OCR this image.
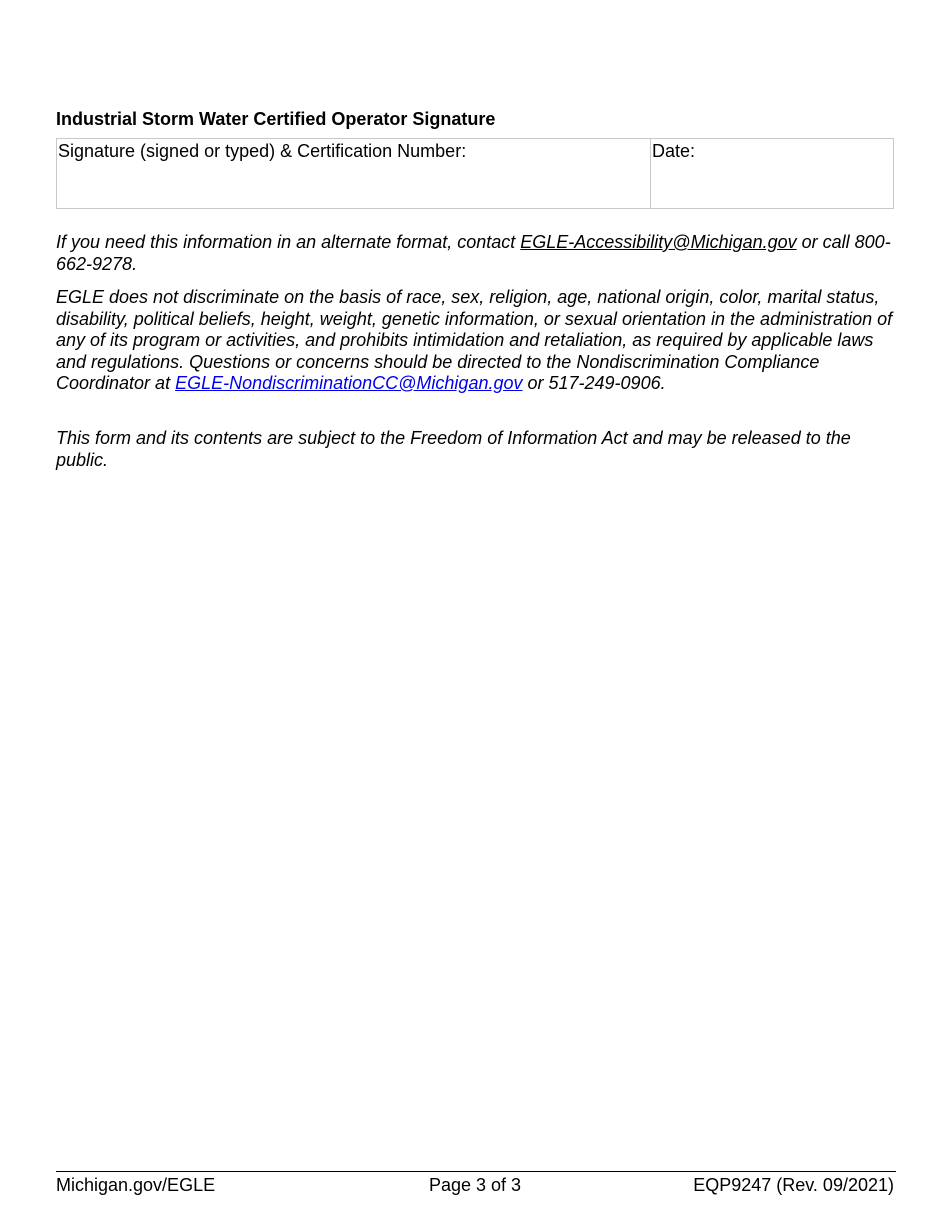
Industrial Storm Water Certified Operator Signature
Signature (signed or typed) & Certification Number:	Date:

If you need this information in an alternate format, contact EGLE-Accessibility@Michigan.gov or call 800-662-9278.

EGLE does not discriminate on the basis of race, sex, religion, age, national origin, color, marital status, disability, political beliefs, height, weight, genetic information, or sexual orientation in the administration of any of its program or activities, and prohibits intimidation and retaliation, as required by applicable laws and regulations. Questions or concerns should be directed to the Nondiscrimination Compliance Coordinator at EGLE-NondiscriminationCC@Michigan.gov or 517-249-0906.

This form and its contents are subject to the Freedom of Information Act and may be released to the public.

Michigan.gov/EGLE	Page 3 of 3	EQP9247 (Rev. 09/2021)
